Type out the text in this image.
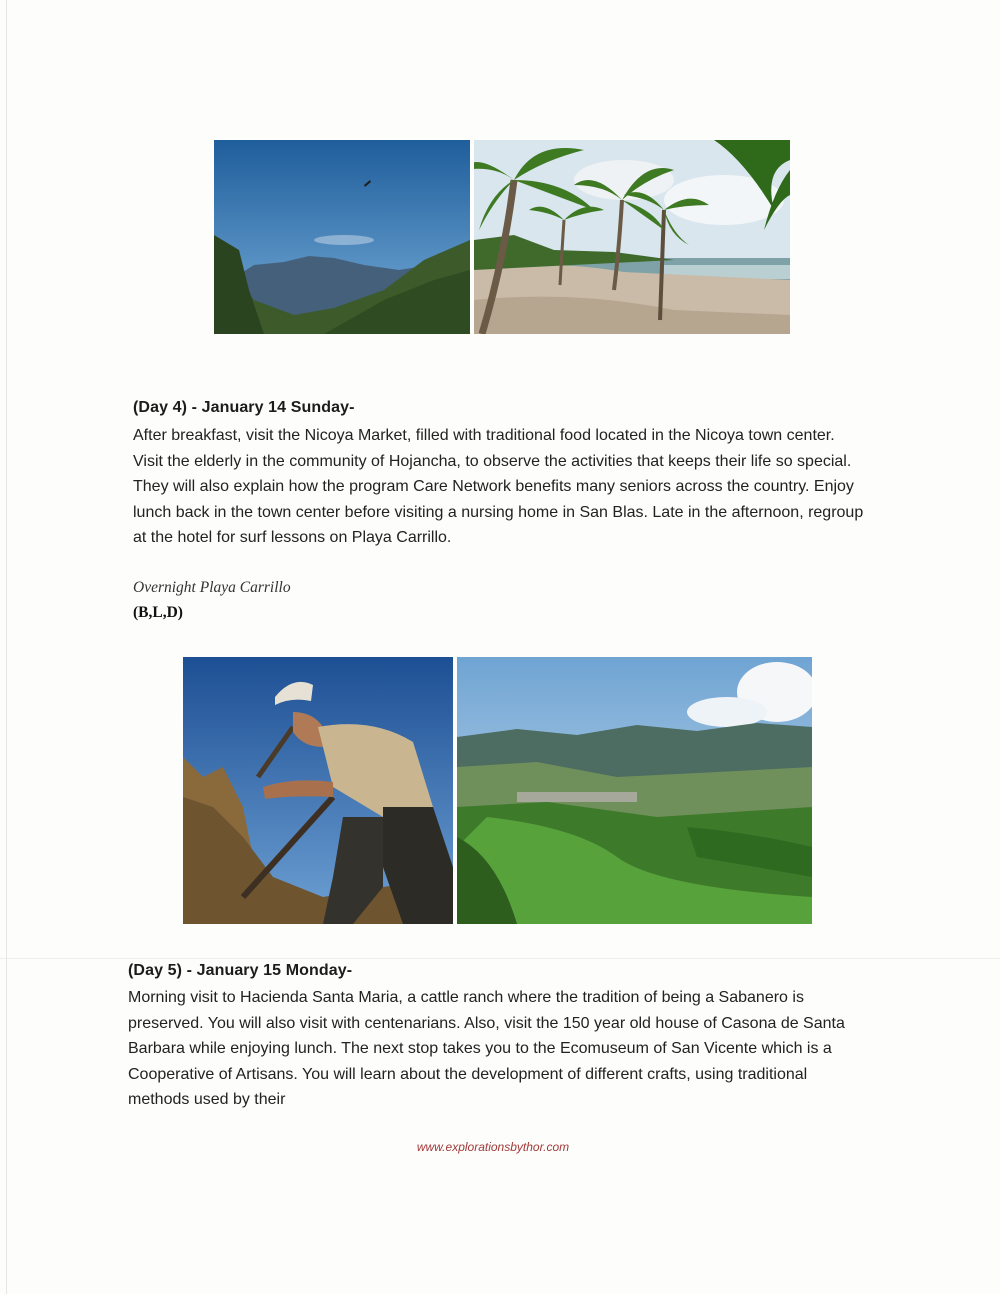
(Day 4) - January 14 Sunday-

After breakfast, visit the Nicoya Market, filled with traditional food located in the Nicoya town center. Visit the elderly in the community of Hojancha, to observe the activities that keeps their life so special. They will also explain how the program Care Network benefits many seniors across the country. Enjoy lunch back in the town center before visiting a nursing home in San Blas. Late in the afternoon, regroup at the hotel for surf lessons on Playa Carrillo.

Overnight Playa Carrillo

(B,L,D)

(Day 5) - January 15 Monday-

Morning visit to Hacienda Santa Maria, a cattle ranch where the tradition of being a Sabanero is preserved. You will also visit with centenarians. Also, visit the 150 year old house of Casona de Santa Barbara while enjoying lunch. The next stop takes you to the Ecomuseum of San Vicente which is a Cooperative of Artisans. You will learn about the development of different crafts, using traditional methods used by their

www.explorationsbythor.com
